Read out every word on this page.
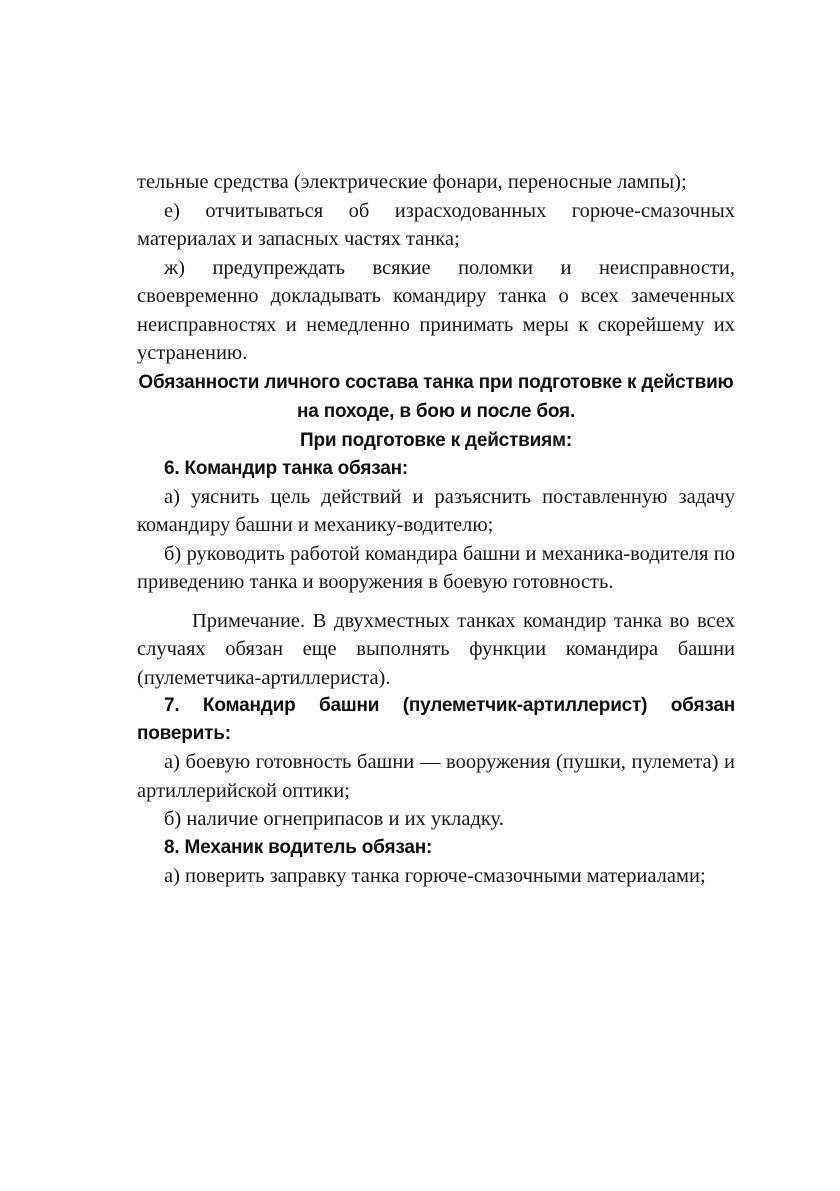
тельные средства (электрические фонари, переносные лампы);

е) отчитываться об израсходованных горюче-смазочных материалах и запасных частях танка;

ж) предупреждать всякие поломки и неисправности, своевременно докладывать командиру танка о всех замеченных неисправностях и немедленно принимать меры к скорейшему их устранению.

Обязанности личного состава танка при подготовке к действию на походе, в бою и после боя.

При подготовке к действиям:

6. Командир танка обязан:

а) уяснить цель действий и разъяснить поставленную задачу командиру башни и механику-водителю;

б) руководить работой командира башни и механика-водителя по приведению танка и вооружения в боевую готовность.

Примечание. В двухместных танках командир танка во всех случаях обязан еще выполнять функции командира башни (пулеметчика-артиллериста).

7. Командир башни (пулеметчик-артиллерист) обязан поверить:

а) боевую готовность башни — вооружения (пушки, пулемета) и артиллерийской оптики;

б) наличие огнеприпасов и их укладку.

8. Механик водитель обязан:

а) поверить заправку танка горюче-смазочными материалами;
